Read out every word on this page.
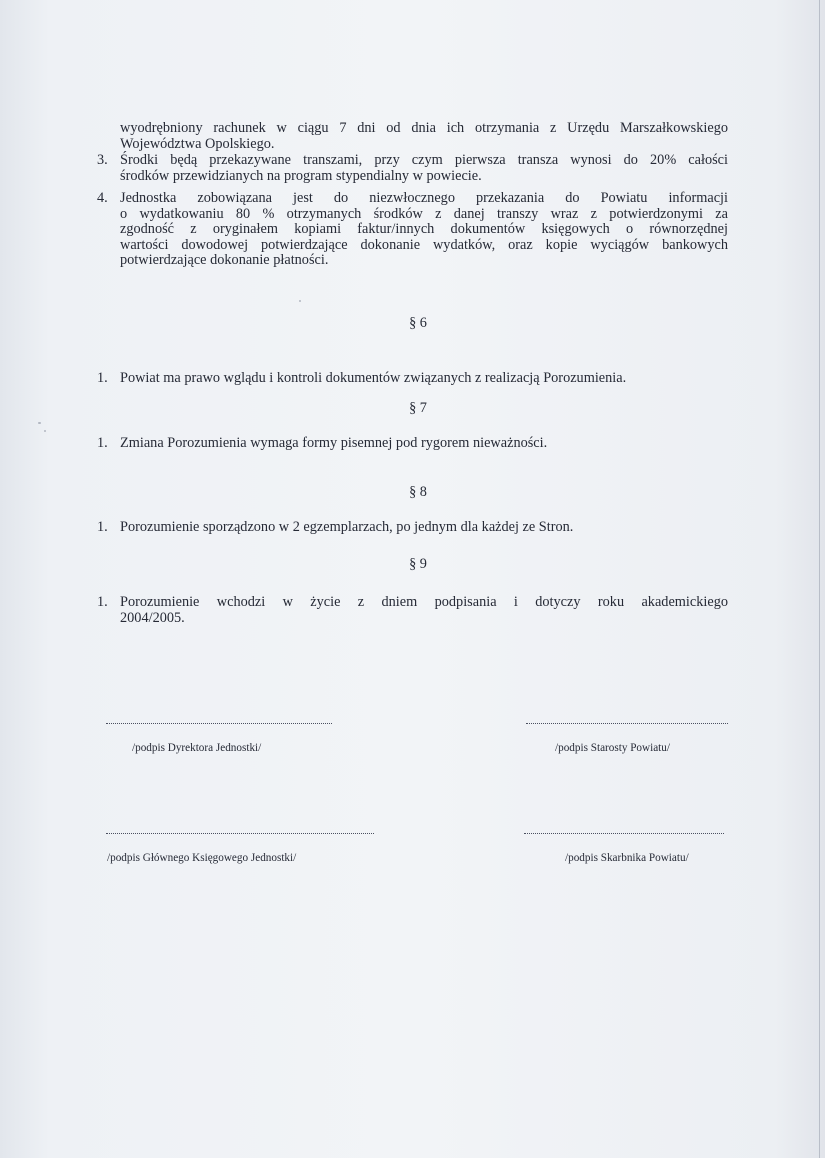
wyodrębniony rachunek w ciągu 7 dni od dnia ich otrzymania z Urzędu Marszałkowskiego
Województwa Opolskiego.
3. Środki będą przekazywane transzami, przy czym pierwsza transza wynosi do 20% całości
środków przewidzianych na program stypendialny w powiecie.
4. Jednostka zobowiązana jest do niezwłocznego przekazania do Powiatu informacji
o wydatkowaniu 80 % otrzymanych środków z danej transzy wraz z potwierdzonymi za
zgodność z oryginałem kopiami faktur/innych dokumentów księgowych o równorzędnej
wartości dowodowej potwierdzające dokonanie wydatków, oraz kopie wyciągów bankowych
potwierdzające dokonanie płatności.
§ 6
1. Powiat ma prawo wglądu i kontroli dokumentów związanych z realizacją Porozumienia.
§ 7
1. Zmiana Porozumienia wymaga formy pisemnej pod rygorem nieważności.
§ 8
1. Porozumienie sporządzono w 2 egzemplarzach, po jednym dla każdej ze Stron.
§ 9
1. Porozumienie wchodzi w życie z dniem podpisania i dotyczy roku akademickiego
2004/2005.
/podpis Dyrektora Jednostki/	/podpis Starosty Powiatu/
/podpis Głównego Księgowego Jednostki/	/podpis Skarbnika Powiatu/
